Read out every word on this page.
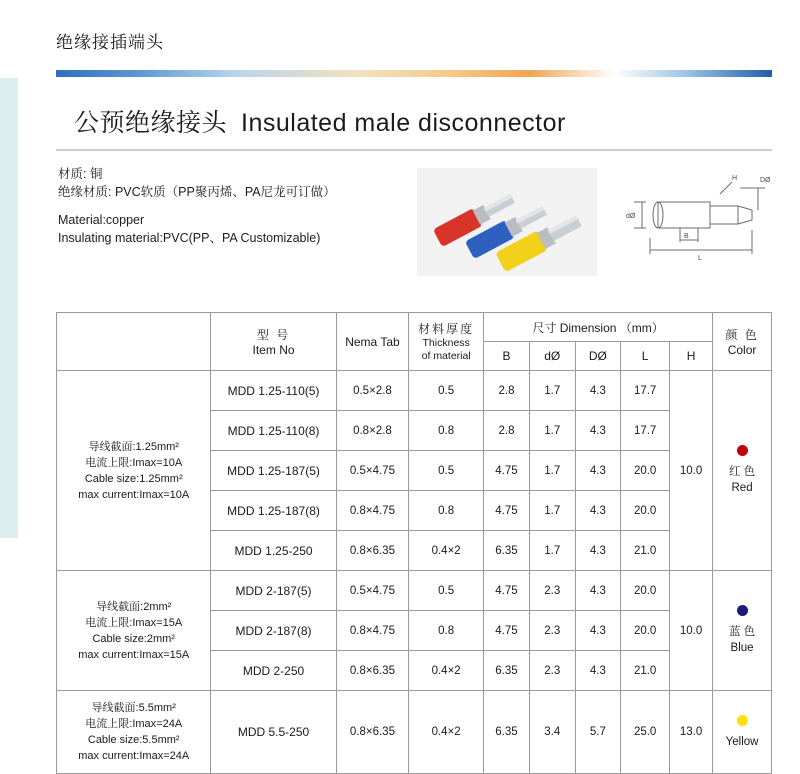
绝缘接插端头
公预绝缘接头 Insulated male disconnector
材质: 铜
绝缘材质: PVC软质（PP聚丙烯、PA尼龙可订做）
Material:copper
Insulating material:PVC(PP、PA Customizable)
L
B
dØ
DØ
H

型 号
Item No
	Nema Tab	
材料厚度
Thickness
of material
	尺寸 Dimension （mm）	
颜 色
Color

				B	dØ	DØ	L	H	

导线截面:1.25mm²
电流上限:Imax=10A
Cable size:1.25mm²
max current:Imax=10A
	MDD 1.25-110(5)	0.5×2.8	0.5	2.8	1.7	4.3	17.7	10.0	红 色
Red

	MDD 1.25-110(8)	0.8×2.8	0.8	2.8	1.7	4.3	17.7		
	MDD 1.25-187(5)	0.5×4.75	0.5	4.75	1.7	4.3	20.0		
	MDD 1.25-187(8)	0.8×4.75	0.8	4.75	1.7	4.3	20.0		
	MDD 1.25-250	0.8×6.35	0.4×2	6.35	1.7	4.3	21.0		

导线截面:2mm²
电流上限:Imax=15A
Cable size:2mm²
max current:Imax=15A
	MDD 2-187(5)	0.5×4.75	0.5	4.75	2.3	4.3	20.0	10.0	蓝 色
Blue

	MDD 2-187(8)	0.8×4.75	0.8	4.75	2.3	4.3	20.0		
	MDD 2-250	0.8×6.35	0.4×2	6.35	2.3	4.3	21.0		

导线截面:5.5mm²
电流上限:Imax=24A
Cable size:5.5mm²
max current:Imax=24A	MDD 5.5-250	0.8×6.35	0.4×2	6.35	3.4	5.7	25.0	13.0	Yellow
